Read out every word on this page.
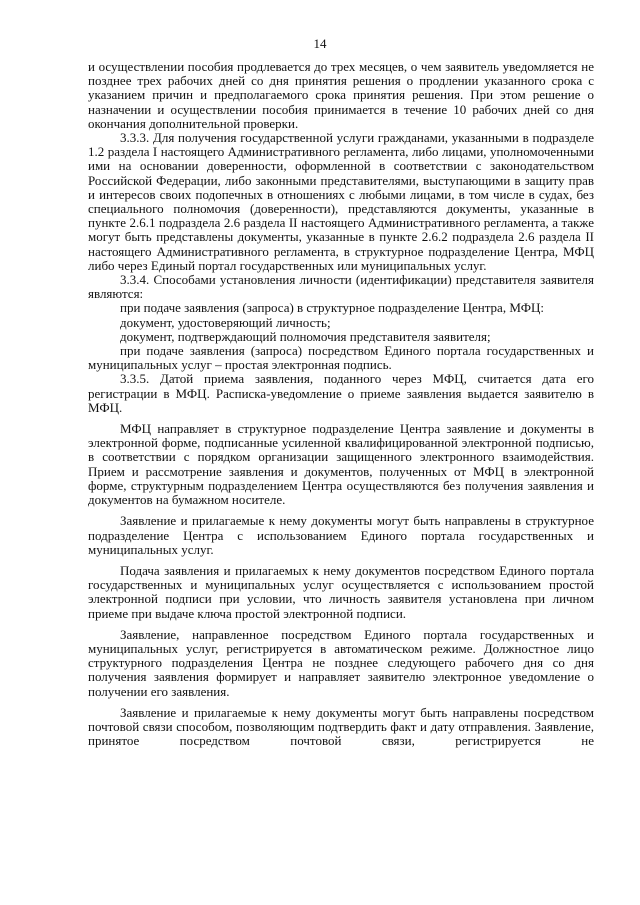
14

и осуществлении пособия продлевается до трех месяцев, о чем заявитель уведомляется не позднее трех рабочих дней со дня принятия решения о продлении указанного срока с указанием причин и предполагаемого срока принятия решения. При этом решение о назначении и осуществлении пособия принимается в течение 10 рабочих дней со дня окончания дополнительной проверки.

3.3.3. Для получения государственной услуги гражданами, указанными в подразделе 1.2 раздела I настоящего Административного регламента, либо лицами, уполномоченными ими на основании доверенности, оформленной в соответствии с законодательством Российской Федерации, либо законными представителями, выступающими в защиту прав и интересов своих подопечных в отношениях с любыми лицами, в том числе в судах, без специального полномочия (доверенности), представляются документы, указанные в пункте 2.6.1 подраздела 2.6 раздела II настоящего Административного регламента, а также могут быть представлены документы, указанные в пункте 2.6.2 подраздела 2.6 раздела II настоящего Административного регламента, в структурное подразделение Центра, МФЦ либо через Единый портал государственных или муниципальных услуг.

3.3.4. Способами установления личности (идентификации) представителя заявителя являются:

при подаче заявления (запроса) в структурное подразделение Центра, МФЦ:

документ, удостоверяющий личность;

документ, подтверждающий полномочия представителя заявителя;

при подаче заявления (запроса) посредством Единого портала государственных и муниципальных услуг – простая электронная подпись.

3.3.5. Датой приема заявления, поданного через МФЦ, считается дата его регистрации в МФЦ. Расписка-уведомление о приеме заявления выдается заявителю в МФЦ.

МФЦ направляет в структурное подразделение Центра заявление и документы в электронной форме, подписанные усиленной квалифицированной электронной подписью, в соответствии с порядком организации защищенного электронного взаимодействия. Прием и рассмотрение заявления и документов, полученных от МФЦ в электронной форме, структурным подразделением Центра осуществляются без получения заявления и документов на бумажном носителе.

Заявление и прилагаемые к нему документы могут быть направлены в структурное подразделение Центра с использованием Единого портала государственных и муниципальных услуг.

Подача заявления и прилагаемых к нему документов посредством Единого портала государственных и муниципальных услуг осуществляется с использованием простой электронной подписи при условии, что личность заявителя установлена при личном приеме при выдаче ключа простой электронной подписи.

Заявление, направленное посредством Единого портала государственных и муниципальных услуг, регистрируется в автоматическом режиме. Должностное лицо структурного подразделения Центра не позднее следующего рабочего дня со дня получения заявления формирует и направляет заявителю электронное уведомление о получении его заявления.

Заявление и прилагаемые к нему документы могут быть направлены посредством почтовой связи способом, позволяющим подтвердить факт и дату отправления. Заявление, принятое посредством почтовой связи, регистрируется не
